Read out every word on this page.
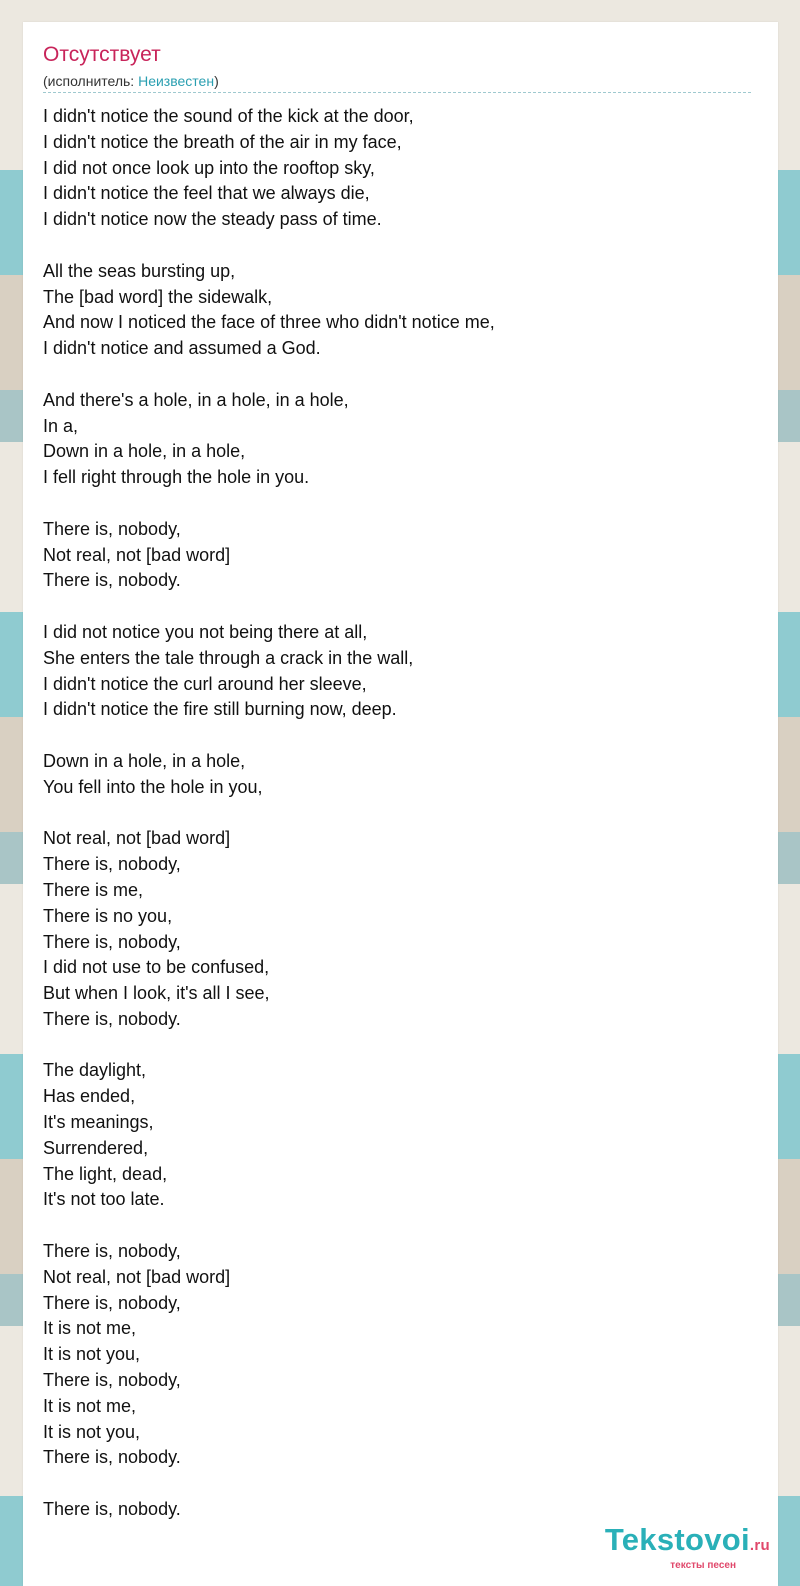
Отсутствует
(исполнитель: Неизвестен)
I didn't notice the sound of the kick at the door,
I didn't notice the breath of the air in my face,
I did not once look up into the rooftop sky,
I didn't notice the feel that we always die,
I didn't notice now the steady pass of time.
All the seas bursting up,
The [bad word] the sidewalk,
And now I noticed the face of three who didn't notice me,
I didn't notice and assumed a God.
And there's a hole, in a hole, in a hole,
In a,
Down in a hole, in a hole,
I fell right through the hole in you.
There is, nobody,
Not real, not [bad word]
There is, nobody.
I did not notice you not being there at all,
She enters the tale through a crack in the wall,
I didn't notice the curl around her sleeve,
I didn't notice the fire still burning now, deep.
Down in a hole, in a hole,
You fell into the hole in you,
Not real, not [bad word]
There is, nobody,
There is me,
There is no you,
There is, nobody,
I did not use to be confused,
But when I look, it's all I see,
There is, nobody.
The daylight,
Has ended,
It's meanings,
Surrendered,
The light, dead,
It's not too late.
There is, nobody,
Not real, not [bad word]
There is, nobody,
It is not me,
It is not you,
There is, nobody,
It is not me,
It is not you,
There is, nobody.
There is, nobody.
Tekstovoi.ru
тексты песен
